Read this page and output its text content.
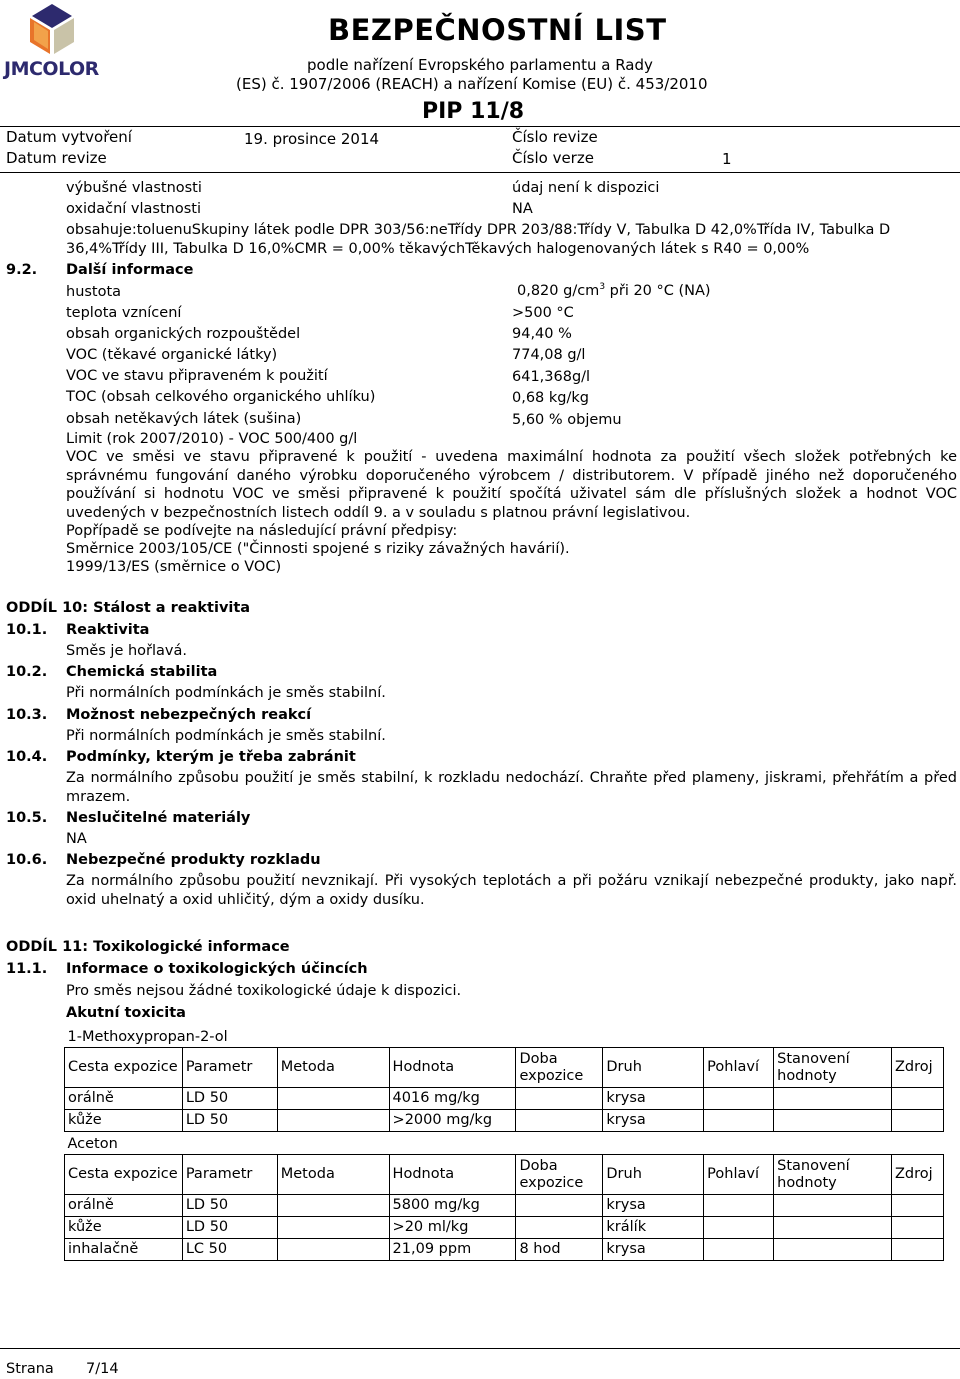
JMCOLOR
BEZPEČNOSTNÍ LIST
podle nařízení Evropského parlamentu a Rady
(ES) č. 1907/2006 (REACH) a nařízení Komise (EU) č. 453/2010
PIP 11/8
Datum vytvoření	19. prosince 2014	Číslo revize
Datum revize	Číslo verze	1
výbušné vlastnosti	údaj není k dispozici
oxidační vlastnosti	NA
obsahuje:toluenuSkupiny látek podle DPR 303/56:neTřídy DPR 203/88:Třídy V, Tabulka D 42,0%Třída IV, Tabulka D
36,4%Třídy III, Tabulka D 16,0%CMR = 0,00% těkavýchTěkavých halogenovaných látek s R40 = 0,00%
9.2. Další informace
hustota	0,820 $g/cm^3$ při 20 °C (NA)
teplota vznícení	>500 °C
obsah organických rozpouštědel	94,40 %
VOC (těkavé organické látky)	774,08 g/l
VOC ve stavu připraveném k použití	641,368g/l
TOC (obsah celkového organického uhlíku)	0,68 kg/kg
obsah netěkavých látek (sušina)	5,60 % objemu
Limit (rok 2007/2010) - VOC 500/400 g/l
VOC ve směsi ve stavu připravené k použití - uvedena maximální hodnota za použití všech složek potřebných ke správnému fungování daného výrobku doporučeného výrobcem / distributorem. V případě jiného než doporučeného používání si hodnotu VOC ve směsi připravené k použití spočítá uživatel sám dle příslušných složek a hodnot VOC uvedených v bezpečnostních listech oddíl 9. a v souladu s platnou právní legislativou.
Popřípadě se podívejte na následující právní předpisy:
Směrnice 2003/105/CE ("Činnosti spojené s riziky závažných havárií).
1999/13/ES (směrnice o VOC)
ODDÍL 10: Stálost a reaktivita
10.1. Reaktivita
Směs je hořlavá.
10.2. Chemická stabilita
Při normálních podmínkách je směs stabilní.
10.3. Možnost nebezpečných reakcí
Při normálních podmínkách je směs stabilní.
10.4. Podmínky, kterým je třeba zabránit
Za normálního způsobu použití je směs stabilní, k rozkladu nedochází. Chraňte před plameny, jiskrami, přehřátím a před mrazem.
10.5. Neslučitelné materiály
NA
10.6. Nebezpečné produkty rozkladu
Za normálního způsobu použití nevznikají. Při vysokých teplotách a při požáru vznikají nebezpečné produkty, jako např. oxid uhelnatý a oxid uhličitý, dým a oxidy dusíku.
ODDÍL 11: Toxikologické informace
11.1. Informace o toxikologických účincích
Pro směs nejsou žádné toxikologické údaje k dispozici.
Akutní toxicita
1-Methoxypropan-2-ol								
Cesta expozice	Parametr	Metoda	Hodnota	Doba expozice	Druh	Pohlaví	Stanovení hodnoty	Zdroj
orálně	LD 50		4016 mg/kg		krysa			
kůže	LD 50		>2000 mg/kg		krysa			
Aceton								
Cesta expozice	Parametr	Metoda	Hodnota	Doba expozice	Druh	Pohlaví	Stanovení hodnoty	Zdroj
orálně	LD 50		5800 mg/kg		krysa			
kůže	LD 50		>20 ml/kg		králík			
inhalačně	LC 50		21,09 ppm	8 hod	krysa			
Strana 7/14
